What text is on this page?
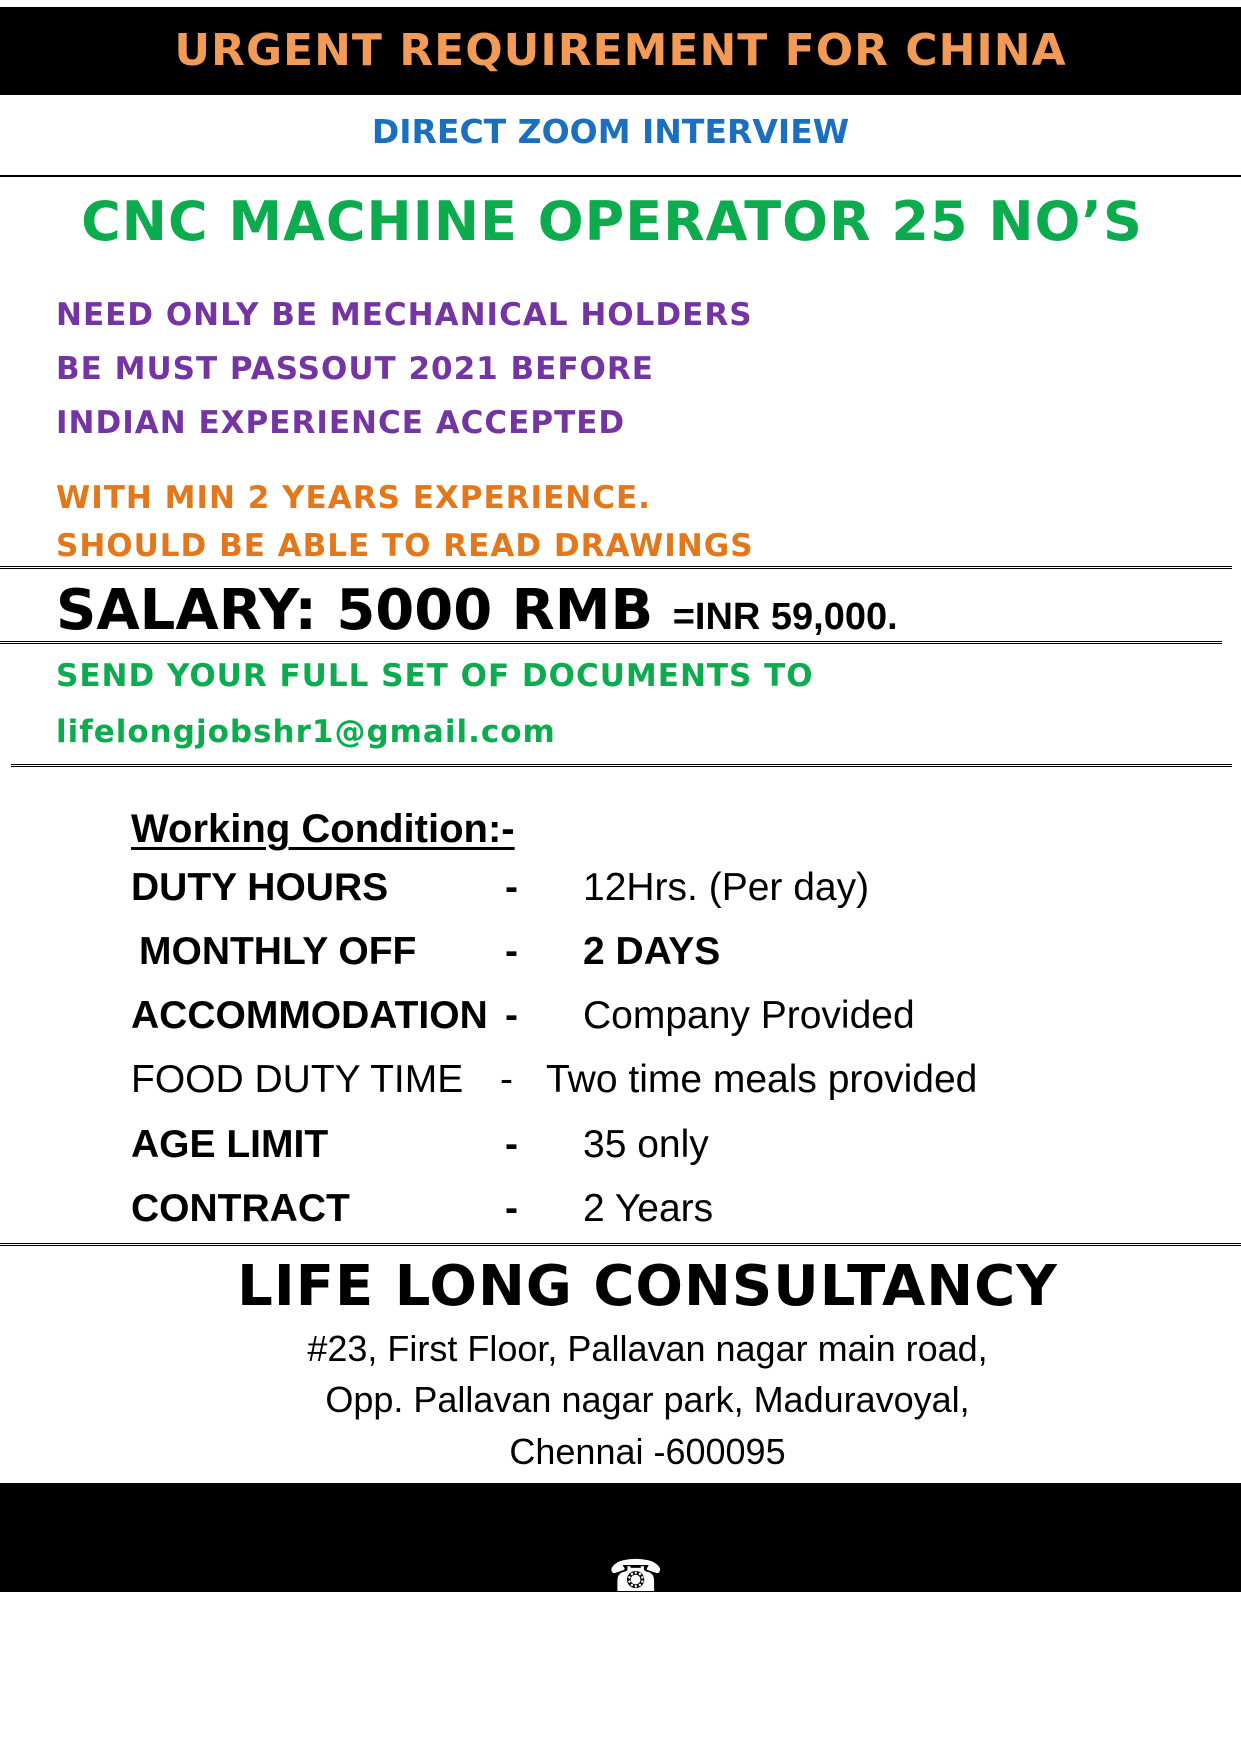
URGENT REQUIREMENT FOR CHINA
DIRECT ZOOM INTERVIEW
CNC MACHINE OPERATOR 25 NO’S
NEED ONLY BE MECHANICAL HOLDERS
BE MUST PASSOUT 2021 BEFORE
INDIAN EXPERIENCE ACCEPTED
WITH MIN 2 YEARS EXPERIENCE.
SHOULD BE ABLE TO READ DRAWINGS
SALARY: 5000 RMB =INR 59,000.
SEND YOUR FULL SET OF DOCUMENTS TO
lifelongjobshr1@gmail.com
Working Condition:-
DUTY HOURS	- 12Hrs. (Per day)
MONTHLY OFF - 2 DAYS
ACCOMMODATION - Company Provided
FOOD DUTY TIME - Two time meals provided
AGE LIMIT	- 35 only
CONTRACT	- 2 Years
LIFE LONG CONSULTANCY
#23, First Floor, Pallavan nagar main road,
Opp. Pallavan nagar park, Maduravoyal,
Chennai -600095

☎
044 – 35672423 /   8973115942
